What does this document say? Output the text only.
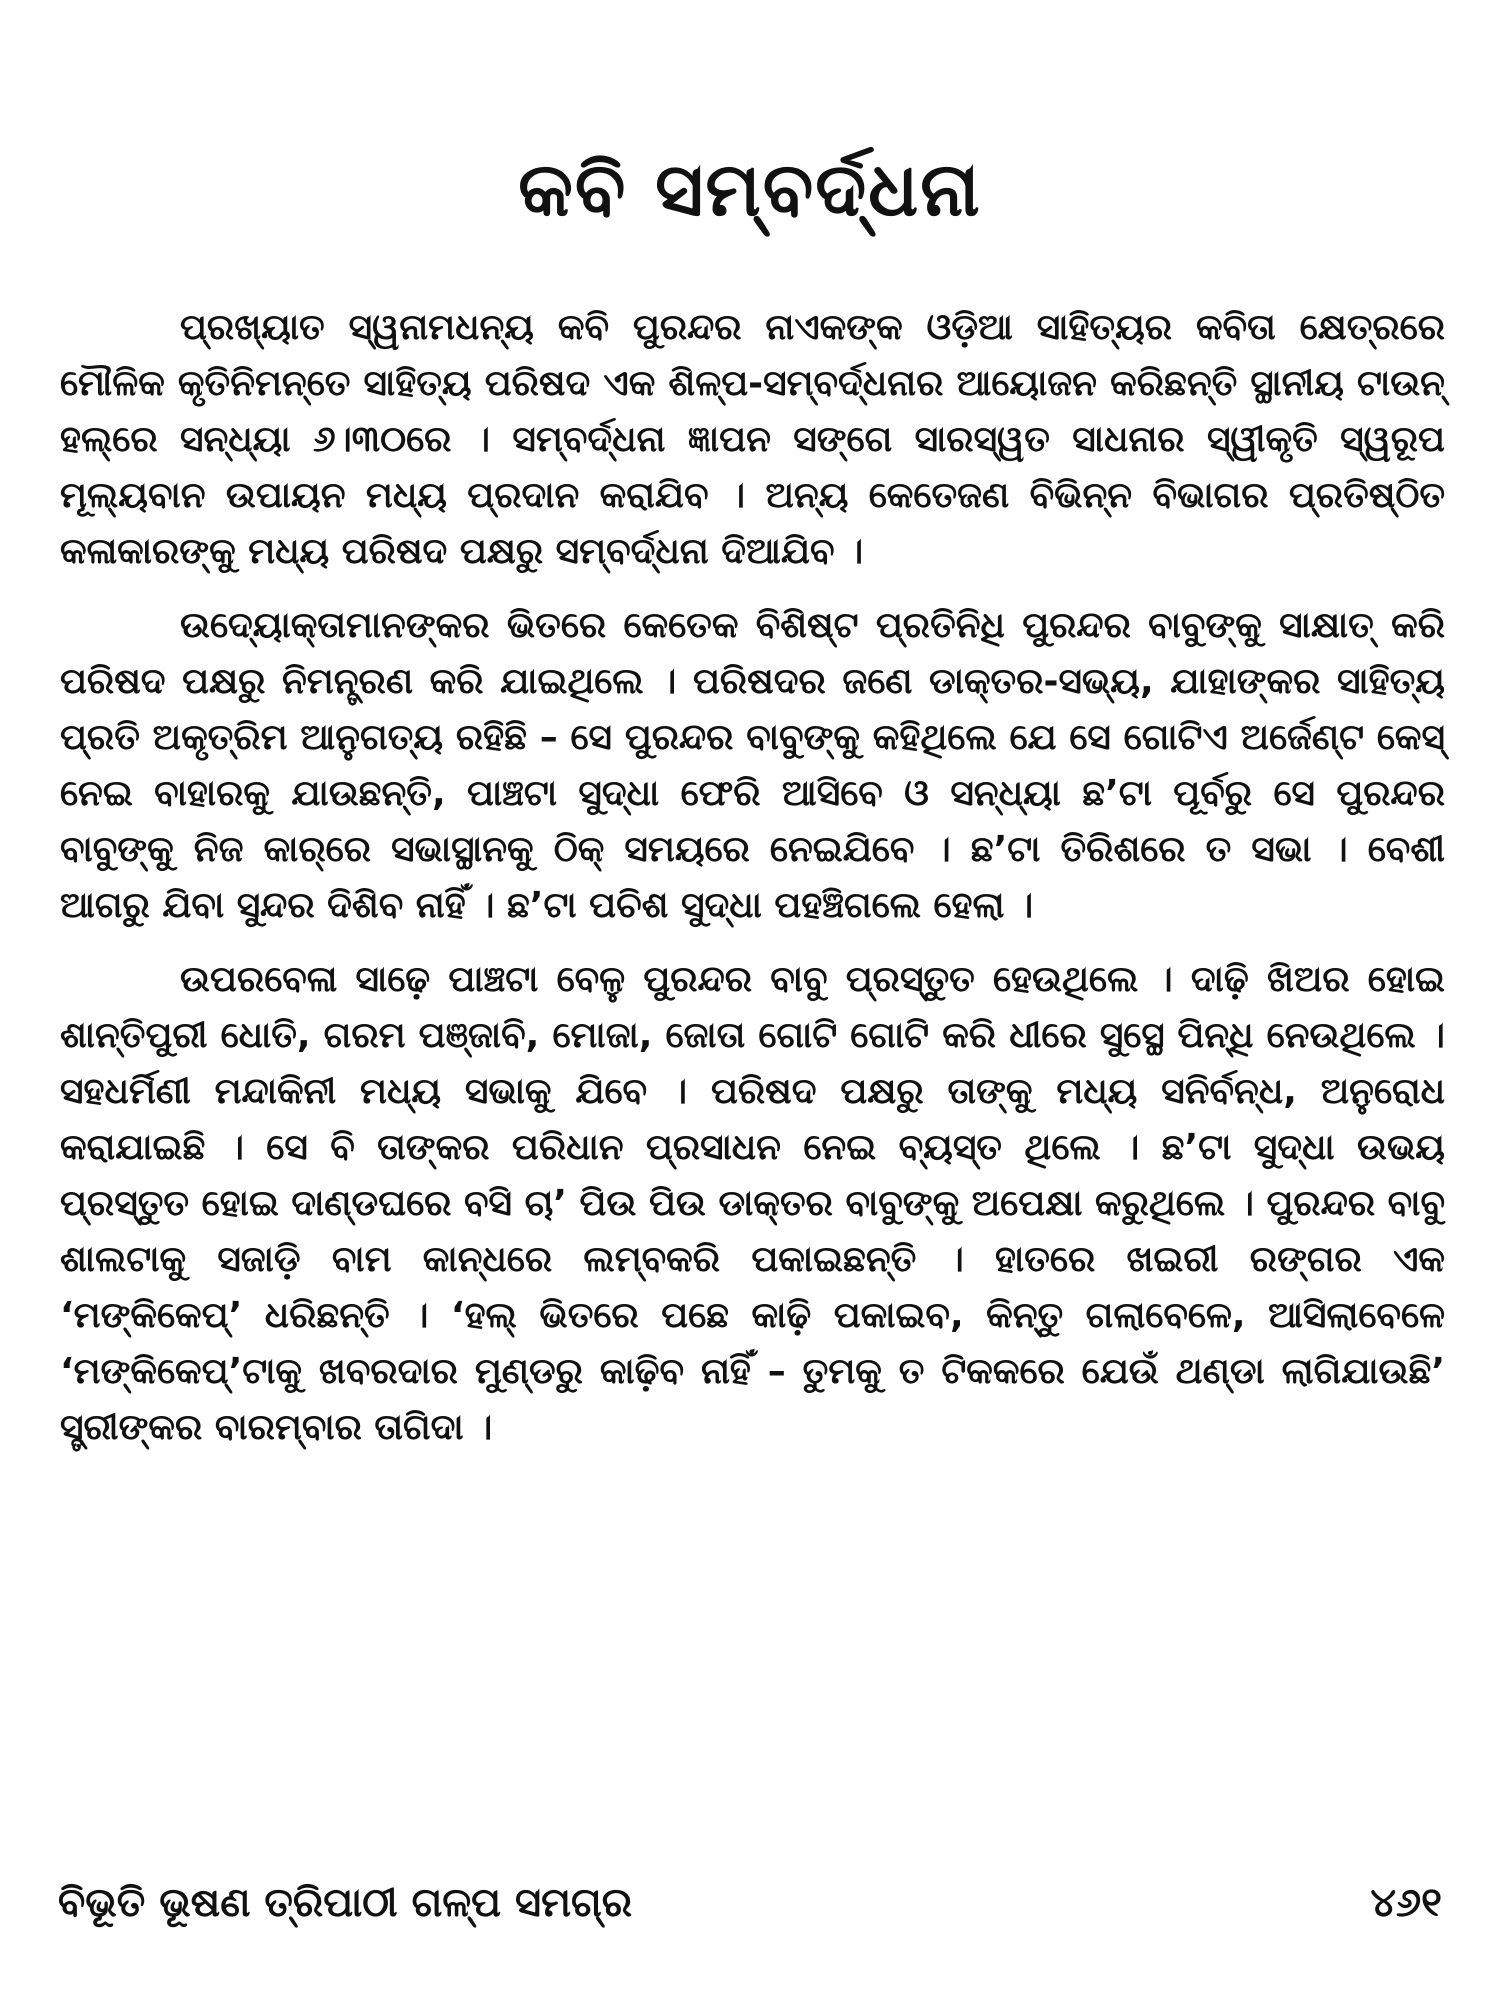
କବି ସମ୍ବର୍ଦ୍ଧନା

ପ୍ରଖ୍ୟାତ ସ୍ୱନାମଧନ୍ୟ କବି ପୁରନ୍ଦର ନାଏକଙ୍କ ଓଡ଼ିଆ ସାହିତ୍ୟର କବିତା କ୍ଷେତ୍ରରେ ମୌଳିକ କୃତିନିମନ୍ତେ ସାହିତ୍ୟ ପରିଷଦ ଏକ ଶିଳ୍ପ-ସମ୍ବର୍ଦ୍ଧନାର ଆୟୋଜନ କରିଛନ୍ତି ସ୍ଥାନୀୟ ଟାଉନ୍ ହଲ୍‌ରେ ସନ୍ଧ୍ୟା ୬।୩୦ରେ । ସମ୍ବର୍ଦ୍ଧନା ଜ୍ଞାପନ ସଙ୍ଗେ ସାରସ୍ୱତ ସାଧନାର ସ୍ୱୀକୃତି ସ୍ୱରୂପ ମୂଲ୍ୟବାନ ଉପାୟନ ମଧ୍ୟ ପ୍ରଦାନ କରାଯିବ । ଅନ୍ୟ କେତେଜଣ ବିଭିନ୍ନ ବିଭାଗର ପ୍ରତିଷ୍ଠିତ କଳାକାରଙ୍କୁ ମଧ୍ୟ ପରିଷଦ ପକ୍ଷରୁ ସମ୍ବର୍ଦ୍ଧନା ଦିଆଯିବ ।

ଉଦ୍ୟୋକ୍ତାମାନଙ୍କର ଭିତରେ କେତେକ ବିଶିଷ୍ଟ ପ୍ରତିନିଧି ପୁରନ୍ଦର ବାବୁଙ୍କୁ ସାକ୍ଷାତ୍ କରି ପରିଷଦ ପକ୍ଷରୁ ନିମନ୍ତ୍ରଣ କରି ଯାଇଥିଲେ । ପରିଷଦର ଜଣେ ଡାକ୍ତର-ସଭ୍ୟ, ଯାହାଙ୍କର ସାହିତ୍ୟ ପ୍ରତି ଅକୃତ୍ରିମ ଆନୁଗତ୍ୟ ରହିଛି – ସେ ପୁରନ୍ଦର ବାବୁଙ୍କୁ କହିଥିଲେ ଯେ ସେ ଗୋଟିଏ ଅର୍ଜେଣ୍ଟ କେସ୍ ନେଇ ବାହାରକୁ ଯାଉଛନ୍ତି, ପାଞ୍ଚଟା ସୁଦ୍ଧା ଫେରି ଆସିବେ ଓ ସନ୍ଧ୍ୟା ଛ’ଟା ପୂର୍ବରୁ ସେ ପୁରନ୍ଦର ବାବୁଙ୍କୁ ନିଜ କାର୍‌ରେ ସଭାସ୍ଥାନକୁ ଠିକ୍ ସମୟରେ ନେଇଯିବେ । ଛ’ଟା ତିରିଶରେ ତ ସଭା । ବେଶୀ ଆଗରୁ ଯିବା ସୁନ୍ଦର ଦିଶିବ ନାହିଁ । ଛ’ଟା ପଚିଶ ସୁଦ୍ଧା ପହଞ୍ଚିଗଲେ ହେଲା ।

ଉପରବେଳା ସାଢ଼େ ପାଞ୍ଚଟା ବେଳୁ ପୁରନ୍ଦର ବାବୁ ପ୍ରସ୍ତୁତ ହେଉଥିଲେ । ଦାଢ଼ି ଖିଅର ହୋଇ ଶାନ୍ତିପୁରୀ ଧୋତି, ଗରମ ପଞ୍ଜାବି, ମୋଜା, ଜୋତା ଗୋଟି ଗୋଟି କରି ଧୀରେ ସୁସ୍ଥେ ପିନ୍ଧି ନେଉଥିଲେ । ସହଧର୍ମିଣୀ ମନ୍ଦାକିନୀ ମଧ୍ୟ ସଭାକୁ ଯିବେ । ପରିଷଦ ପକ୍ଷରୁ ତାଙ୍କୁ ମଧ୍ୟ ସନିର୍ବନ୍ଧ, ଅନୁରୋଧ କରାଯାଇଛି । ସେ ବି ତାଙ୍କର ପରିଧାନ ପ୍ରସାଧନ ନେଇ ବ୍ୟସ୍ତ ଥିଲେ । ଛ’ଟା ସୁଦ୍ଧା ଉଭୟ ପ୍ରସ୍ତୁତ ହୋଇ ଦାଣ୍ଡଘରେ ବସି ଚା’ ପିଉ ପିଉ ଡାକ୍ତର ବାବୁଙ୍କୁ ଅପେକ୍ଷା କରୁଥିଲେ । ପୁରନ୍ଦର ବାବୁ ଶାଲଟାକୁ ସଜାଡ଼ି ବାମ କାନ୍ଧରେ ଲମ୍ବକରି ପକାଇଛନ୍ତି । ହାତରେ ଖଇରୀ ରଙ୍ଗର ଏକ ‘ମଙ୍କିକେପ୍’ ଧରିଛନ୍ତି । ‘ହଲ୍ ଭିତରେ ପଛେ କାଢ଼ି ପକାଇବ, କିନ୍ତୁ ଗଲାବେଳେ, ଆସିଲାବେଳେ ‘ମଙ୍କିକେପ୍’ଟାକୁ ଖବରଦାର ମୁଣ୍ଡରୁ କାଢ଼ିବ ନାହିଁ – ତୁମକୁ ତ ଟିକକରେ ଯେଉଁ ଥଣ୍ଡା ଲାଗିଯାଉଛି’ ସ୍ତ୍ରୀଙ୍କର ବାରମ୍ବାର ତାଗିଦା ।

ବିଭୂତି ଭୂଷଣ ତ୍ରିପାଠୀ ଗଳ୍ପ ସମଗ୍ର	୪୬୧
